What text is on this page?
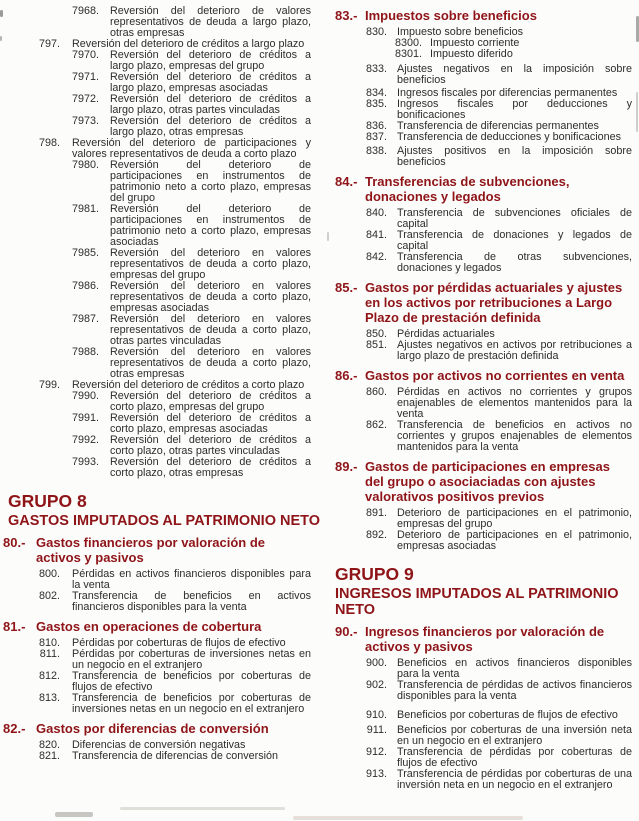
7968.	Reversión del deterioro de valores representativos de deuda a largo plazo, otras empresas
797. Reversión del deterioro de créditos a largo plazo
7970.	Reversión del deterioro de créditos a largo plazo, empresas del grupo
7971.	Reversión del deterioro de créditos a largo plazo, empresas asociadas
7972.	Reversión del deterioro de créditos a largo plazo, otras partes vinculadas
7973.	Reversión del deterioro de créditos a largo plazo, otras empresas
798. Reversión del deterioro de participaciones y valores representativos de deuda a corto plazo
7980.	Reversión del deterioro de participaciones en instrumentos de patrimonio neto a corto plazo, empresas del grupo
7981.	Reversión del deterioro de participaciones en instrumentos de patrimonio neto a corto plazo, empresas asociadas
7985.	Reversión del deterioro en valores representativos de deuda a corto plazo, empresas del grupo
7986.	Reversión del deterioro en valores representativos de deuda a corto plazo, empresas asociadas
7987.	Reversión del deterioro en valores representativos de deuda a corto plazo, otras partes vinculadas
7988.	Reversión del deterioro en valores representativos de deuda a corto plazo, otras empresas
799. Reversión del deterioro de créditos a corto plazo
7990.	Reversión del deterioro de créditos a corto plazo, empresas del grupo
7991.	Reversión del deterioro de créditos a corto plazo, empresas asociadas
7992.	Reversión del deterioro de créditos a corto plazo, otras partes vinculadas
7993.	Reversión del deterioro de créditos a corto plazo, otras empresas
GRUPO 8
GASTOS IMPUTADOS AL PATRIMONIO NETO
80.- Gastos financieros por valoración de activos y pasivos
800. Pérdidas en activos financieros disponibles para la venta
802. Transferencia de beneficios en activos financieros disponibles para la venta
81.- Gastos en operaciones de cobertura
810. Pérdidas por coberturas de flujos de efectivo
811. Pérdidas por coberturas de inversiones netas en un negocio en el extranjero
812. Transferencia de beneficios por coberturas de flujos de efectivo
813. Transferencia de beneficios por coberturas de inversiones netas en un negocio en el extranjero
82.- Gastos por diferencias de conversión
820. Diferencias de conversión negativas
821. Transferencia de diferencias de conversión
83.- Impuestos sobre beneficios
830. Impuesto sobre beneficios
8300. Impuesto corriente
8301. Impuesto diferido
833. Ajustes negativos en la imposición sobre beneficios
834. Ingresos fiscales por diferencias permanentes
835. Ingresos fiscales por deducciones y bonificaciones
836. Transferencia de diferencias permanentes
837. Transferencia de deducciones y bonificaciones
838. Ajustes positivos en la imposición sobre beneficios
84.- Transferencias de subvenciones, donaciones y legados
840. Transferencia de subvenciones oficiales de capital
841. Transferencia de donaciones y legados de capital
842. Transferencia de otras subvenciones, donaciones y legados
85.- Gastos por pérdidas actuariales y ajustes en los activos por retribuciones a Largo Plazo de prestación definida
850. Pérdidas actuariales
851. Ajustes negativos en activos por retribuciones a largo plazo de prestación definida
86.- Gastos por activos no corrientes en venta
860. Pérdidas en activos no corrientes y grupos enajenables de elementos mantenidos para la venta
862. Transferencia de beneficios en activos no corrientes y grupos enajenables de elementos mantenidos para la venta
89.- Gastos de participaciones en empresas del grupo o asociaciadas con ajustes valorativos positivos previos
891. Deterioro de participaciones en el patrimonio, empresas del grupo
892. Deterioro de participaciones en el patrimonio, empresas asociadas
GRUPO 9
INGRESOS IMPUTADOS AL PATRIMONIO NETO
90.- Ingresos financieros por valoración de activos y pasivos
900. Beneficios en activos financieros disponibles para la venta
902. Transferencia de pérdidas de activos financieros disponibles para la venta
910. Beneficios por coberturas de flujos de efectivo
911. Beneficios por coberturas de una inversión neta en un negocio en el extranjero
912. Transferencia de pérdidas por coberturas de flujos de efectivo
913. Transferencia de pérdidas por coberturas de una inversión neta en un negocio en el extranjero
